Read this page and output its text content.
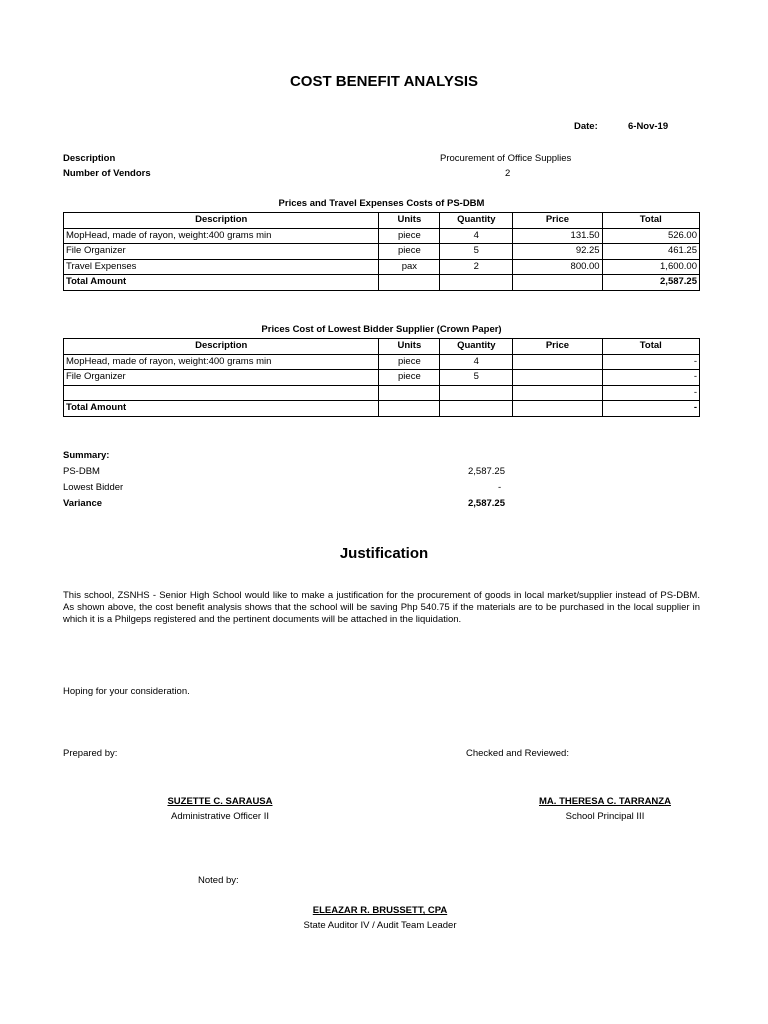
COST BENEFIT ANALYSIS
Date:	6-Nov-19
Description	Procurement of Office Supplies
Number of Vendors	2
Prices and Travel Expenses Costs of PS-DBM
Description	Units	Quantity	Price	Total
MopHead, made of rayon, weight:400 grams min	piece	4	131.50	526.00
File Organizer	piece	5	92.25	461.25
Travel Expenses	pax	2	800.00	1,600.00
Total Amount				2,587.25
Prices Cost of Lowest Bidder Supplier (Crown Paper)
Description	Units	Quantity	Price	Total
MopHead, made of rayon, weight:400 grams min	piece	4		-
File Organizer	piece	5		-
				-
Total Amount				-
Summary:
PS-DBM	2,587.25
Lowest Bidder	-
Variance	2,587.25
Justification
This school, ZSNHS - Senior High School would like to make a justification for the procurement of goods in local market/supplier instead of PS-DBM. As shown above, the cost benefit analysis shows that the school will be saving Php 540.75 if the materials are to be purchased in the local supplier in which it is a Philgeps registered and the pertinent documents will be attached in the liquidation.
Hoping for your consideration.
Prepared by:	Checked and Reviewed:
SUZETTE C. SARAUSA
Administrative Officer II
MA. THERESA C. TARRANZA
School Principal III
Noted by:
ELEAZAR R. BRUSSETT, CPA
State Auditor IV / Audit Team Leader
